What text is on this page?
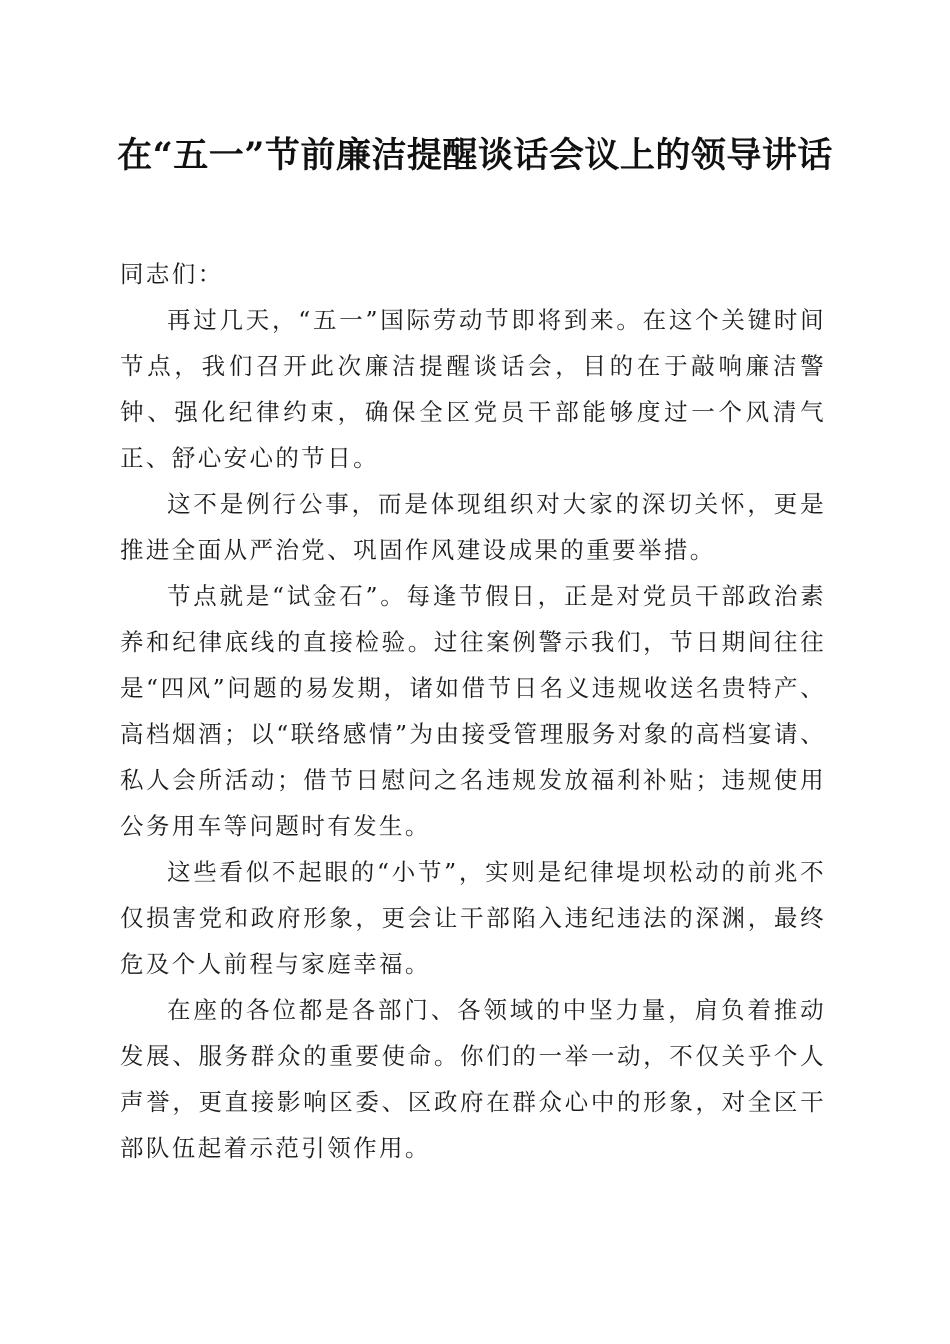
在“五一”节前廉洁提醒谈话会议上的领导讲话

同志们：

再过几天，“五一”国际劳动节即将到来。在这个关键时间节点，我们召开此次廉洁提醒谈话会，目的在于敲响廉洁警钟、强化纪律约束，确保全区党员干部能够度过一个风清气正、舒心安心的节日。

这不是例行公事，而是体现组织对大家的深切关怀，更是推进全面从严治党、巩固作风建设成果的重要举措。

节点就是“试金石”。每逢节假日，正是对党员干部政治素养和纪律底线的直接检验。过往案例警示我们，节日期间往往是“四风”问题的易发期，诸如借节日名义违规收送名贵特产、高档烟酒；以“联络感情”为由接受管理服务对象的高档宴请、私人会所活动；借节日慰问之名违规发放福利补贴；违规使用公务用车等问题时有发生。

这些看似不起眼的“小节”，实则是纪律堤坝松动的前兆不仅损害党和政府形象，更会让干部陷入违纪违法的深渊，最终危及个人前程与家庭幸福。

在座的各位都是各部门、各领域的中坚力量，肩负着推动发展、服务群众的重要使命。你们的一举一动，不仅关乎个人声誉，更直接影响区委、区政府在群众心中的形象，对全区干部队伍起着示范引领作用。
